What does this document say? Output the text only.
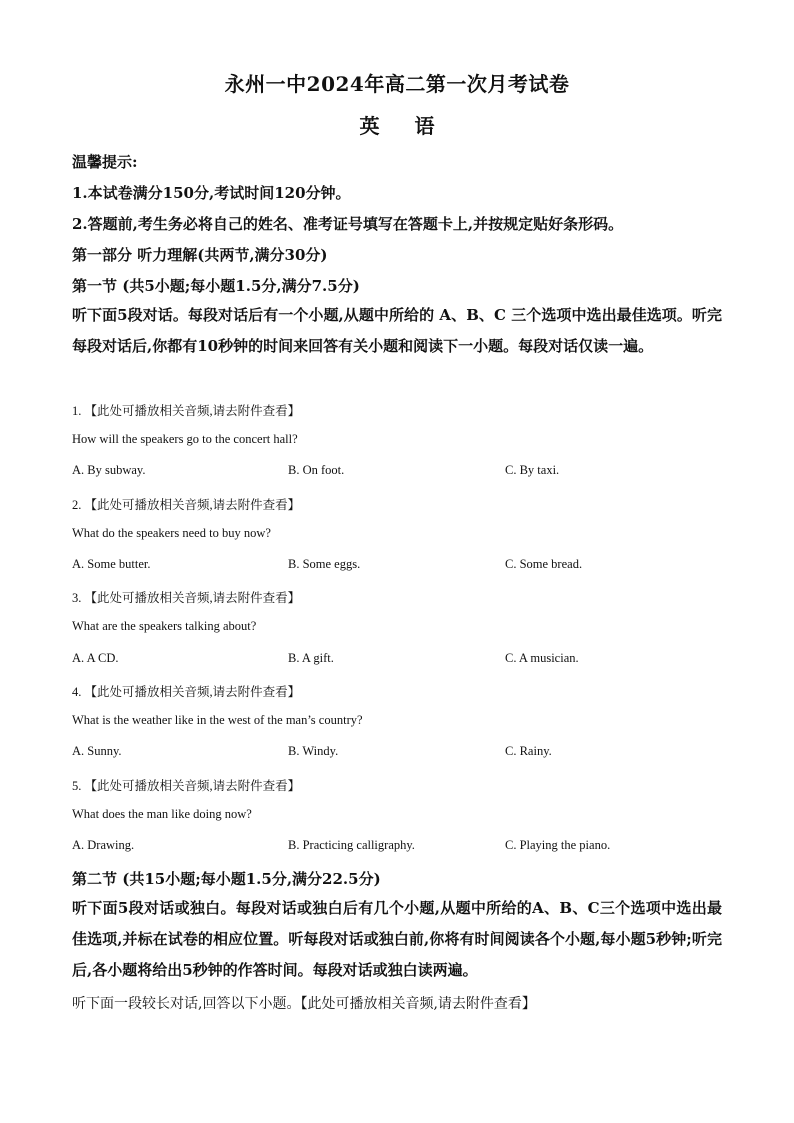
永州一中2024年高二第一次月考试卷
英 语
温馨提示:
1.本试卷满分150分,考试时间120分钟。
2.答题前,考生务必将自己的姓名、准考证号填写在答题卡上,并按规定贴好条形码。
第一部分 听力理解(共两节,满分30分)
第一节 (共5小题;每小题1.5分,满分7.5分)
听下面5段对话。每段对话后有一个小题,从题中所给的 A、B、C 三个选项中选出最佳选项。听完每段对话后,你都有10秒钟的时间来回答有关小题和阅读下一小题。每段对话仅读一遍。
1. 【此处可播放相关音频,请去附件查看】
How will the speakers go to the concert hall?
A. By subway.	B. On foot.	C. By taxi.
2. 【此处可播放相关音频,请去附件查看】
What do the speakers need to buy now?
A. Some butter.	B. Some eggs.	C. Some bread.
3. 【此处可播放相关音频,请去附件查看】
What are the speakers talking about?
A. A CD.	B. A gift.	C. A musician.
4. 【此处可播放相关音频,请去附件查看】
What is the weather like in the west of the man’s country?
A. Sunny.	B. Windy.	C. Rainy.
5. 【此处可播放相关音频,请去附件查看】
What does the man like doing now?
A. Drawing.	B. Practicing calligraphy.	C. Playing the piano.
第二节 (共15小题;每小题1.5分,满分22.5分)
听下面5段对话或独白。每段对话或独白后有几个小题,从题中所给的A、B、C三个选项中选出最佳选项,并标在试卷的相应位置。听每段对话或独白前,你将有时间阅读各个小题,每小题5秒钟;听完后,各小题将给出5秒钟的作答时间。每段对话或独白读两遍。
听下面一段较长对话,回答以下小题。【此处可播放相关音频,请去附件查看】
